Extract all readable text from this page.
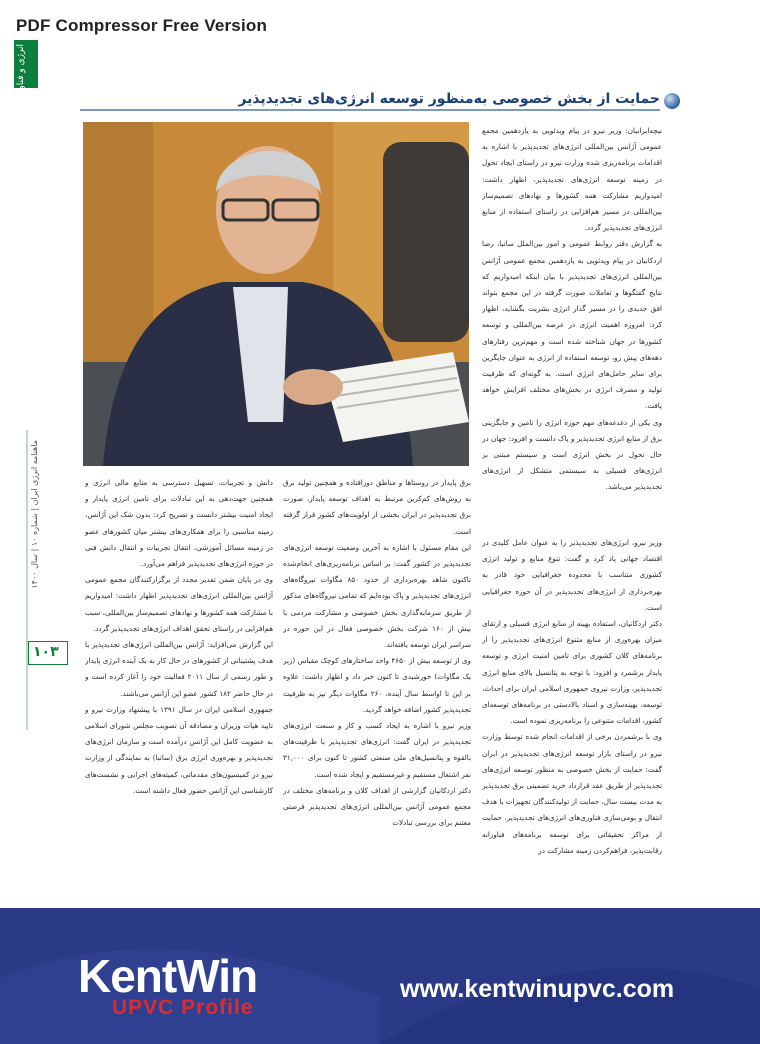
PDF Compressor Free Version
انرژی و فناوری
ماهنامه انرژی ایران | شماره ۱۰ | سال ۱۴۰۰
۱۰۳
حمایت از بخش خصوصی به‌منظور توسعه انرژی‌های تجدیدپذیر

نیچه‌ایرانیان: وزیر نیرو در پیام ویدئویی به یازدهمین مجمع عمومی آژانس بین‌المللی انرژی‌های تجدیدپذیر با اشاره به اقدامات برنامه‌ریزی شده وزارت نیرو در راستای ایجاد تحول در زمینه توسعه انرژی‌های تجدیدپذیر، اظهار داشت: امیدواریم مشارکت همه کشورها و نهادهای تصمیم‌ساز بین‌المللی در مسیر هم‌افزایی در راستای استفاده از منابع انرژی‌های تجدیدپذیر گردد.

به گزارش دفتر روابط عمومی و امور بین‌الملل ساتبا، رضا اردکانیان در پیام ویدئویی به یازدهمین مجمع عمومی آژانس بین‌المللی انرژی‌های تجدیدپذیر با بیان اینکه امیدواریم که نتایج گفتگوها و تعاملات صورت گرفته در این مجمع بتواند افق جدیدی را در مسیر گذار انرژی بشریت بگشاید، اظهار کرد: امروزه اهمیت انرژی در عرصه بین‌المللی و توسعه کشورها در جهان شناخته شده است و مهم‌ترین رفتارهای دهه‌های پیش رو، توسعه استفاده از انرژی به عنوان جایگزین برای سایر حامل‌های انرژی است. به گونه‌ای که ظرفیت تولید و مصرف انرژی در بخش‌های مختلف افزایش خواهد یافت.

وی یکی از دغدغه‌های مهم حوزه انرژی را تامین و جایگزینی برق از منابع انرژی تجدیدپذیر و پاک دانست و افزود: جهان در حال تحول در بخش انرژی است و سیستم مبتنی بر انرژی‌های فسیلی به سیستمی متشکل از انرژی‌های تجدیدپذیر می‌باشد.

وزیر نیرو، انرژی‌های تجدیدپذیر را به عنوان عامل کلیدی در اقتصاد جهانی یاد کرد و گفت: تنوع منابع و تولید انرژی کشوری متناسب با محدوده جغرافیایی خود قادر به بهره‌برداری از انرژی‌های تجدیدپذیر در آن حوزه جغرافیایی است.

دکتر اردکانیان، استفاده بهینه از منابع انرژی فسیلی و ارتقای میزان بهره‌وری از منابع متنوع انرژی‌های تجدیدپذیر را از برنامه‌های کلان کشوری برای تامین امنیت انرژی و توسعه پایدار برشمرد و افزود: با توجه به پتانسیل بالای منابع انرژی تجدیدپذیر، وزارت نیروی جمهوری اسلامی ایران برای احداث، توسعه، بهینه‌سازی و اسناد بالادستی در برنامه‌های توسعه‌ای کشور، اقدامات متنوعی را برنامه‌ریزی نموده است.

وی با برشمردن برخی از اقدامات انجام شده توسط وزارت نیرو در راستای بازار توسعه انرژی‌های تجدیدپذیر در ایران گفت: حمایت از بخش خصوصی به منظور توسعه انرژی‌های تجدیدپذیر از طریق عقد قرارداد خرید تضمینی برق تجدیدپذیر به مدت بیست سال، حمایت از تولیدکنندگان تجهیزات با هدف انتقال و بومی‌سازی فناوری‌های انرژی‌های تجدیدپذیر، حمایت از مراکز تحقیقاتی برای توسعه برنامه‌های فناورانه رقابت‌پذیر، فراهم‌کردن زمینه مشارکت در

برق پایدار در روستاها و مناطق دورافتاده و همچنین تولید برق به روش‌های کم‌کربن مرتبط به اهداف توسعه پایدار، صورت برق تجدیدپذیر در ایران بخشی از اولویت‌های کشور قرار گرفته است.

این مقام مسئول با اشاره به آخرین وضعیت توسعه انرژی‌های تجدیدپذیر در کشور گفت: بر اساس برنامه‌ریزی‌های انجام‌شده تاکنون شاهد بهره‌برداری از حدود ۸۵۰ مگاوات نیروگاه‌های انرژی‌های تجدیدپذیر و پاک بوده‌ایم که تمامی نیروگاه‌های مذکور از طریق سرمایه‌گذاری بخش خصوصی و مشارکت مردمی با بیش از ۱۶۰ شرکت بخش خصوصی فعال در این حوزه در سراسر ایران توسعه یافته‌اند.

وی از توسعه بیش از ۴۶۵۰ واحد ساختارهای کوچک مقیاس (زیر یک مگاوات) خورشیدی تا کنون خبر داد و اظهار داشت: علاوه بر این تا اواسط سال آینده، ۲۶۰ مگاوات دیگر نیز به ظرفیت تجدیدپذیر کشور اضافه خواهد گردید.

وزیر نیرو با اشاره به ایجاد کسب و کار و سنعت انرژی‌های تجدیدپذیر در ایران گفت: انرژی‌های تجدیدپذیر با ظرفیت‌های بالقوه و پتانسیل‌های ملی صنعتی کشور تا کنون برای ۳۱,۰۰۰ نفر اشتغال مستقیم و غیرمستقیم و ایجاد شده است.

دکتر اردکانیان گزارشی از اهداف کلان و برنامه‌های مختلف در مجمع عمومی آژانس بین‌المللی انرژی‌های تجدیدپذیر فرصتی مغتنم برای بررسی تبادلات

دانش و تجربیات، تسهیل دسترسی به منابع مالی انرژی و همچنین جهت‌دهی به این تبادلات برای تامین انرژی پایدار و ایجاد امنیت بیشتر دانست و تصریح کرد: بدون شک این آژانس، زمینه مناسبی را برای همکاری‌های بیشتر میان کشورهای عضو در زمینه مسائل آموزشی، انتقال تجربیات و انتقال دانش فنی در حوزه انرژی‌های تجدیدپذیر فراهم می‌آورد.

وی در پایان ضمن تقدیر مجدد از برگزارکنندگان مجمع عمومی آژانس بین‌المللی انرژی‌های تجدیدپذیر اظهار داشت: امیدواریم با مشارکت همه کشورها و نهادهای تصمیم‌ساز بین‌المللی، سبب هم‌افزایی در راستای تحقق اهداف انرژی‌های تجدیدپذیر گردد.

این گزارش می‌افزاید: آژانس بین‌المللی انرژی‌های تجدیدپذیر با هدف پشتیبانی از کشورهای در حال کار به یک آینده انرژی پایدار و طور رسمی از سال ۲۰۱۱ فعالیت خود را آغاز کرده است و در حال حاضر ۱۸۲ کشور عضو این آژانس می‌باشند.

جمهوری اسلامی ایران در سال ۱۳۹۱ با پیشنهاد وزارت نیرو و تایید هیات وزیران و مصادقه آن تصویب مجلس شورای اسلامی به عضویت کامل این آژانس درآمده است و سازمان انرژی‌های تجدیدپذیر و بهره‌وری انرژی برق (ساتبا) به نمایندگی از وزارت نیرو در کمیسیون‌های مقدماتی، کمیته‌های اجرایی و نشست‌های کارشناسی این آژانس حضور فعال داشته است.

KentWin
UPVC Profile
www.kentwinupvc.com
